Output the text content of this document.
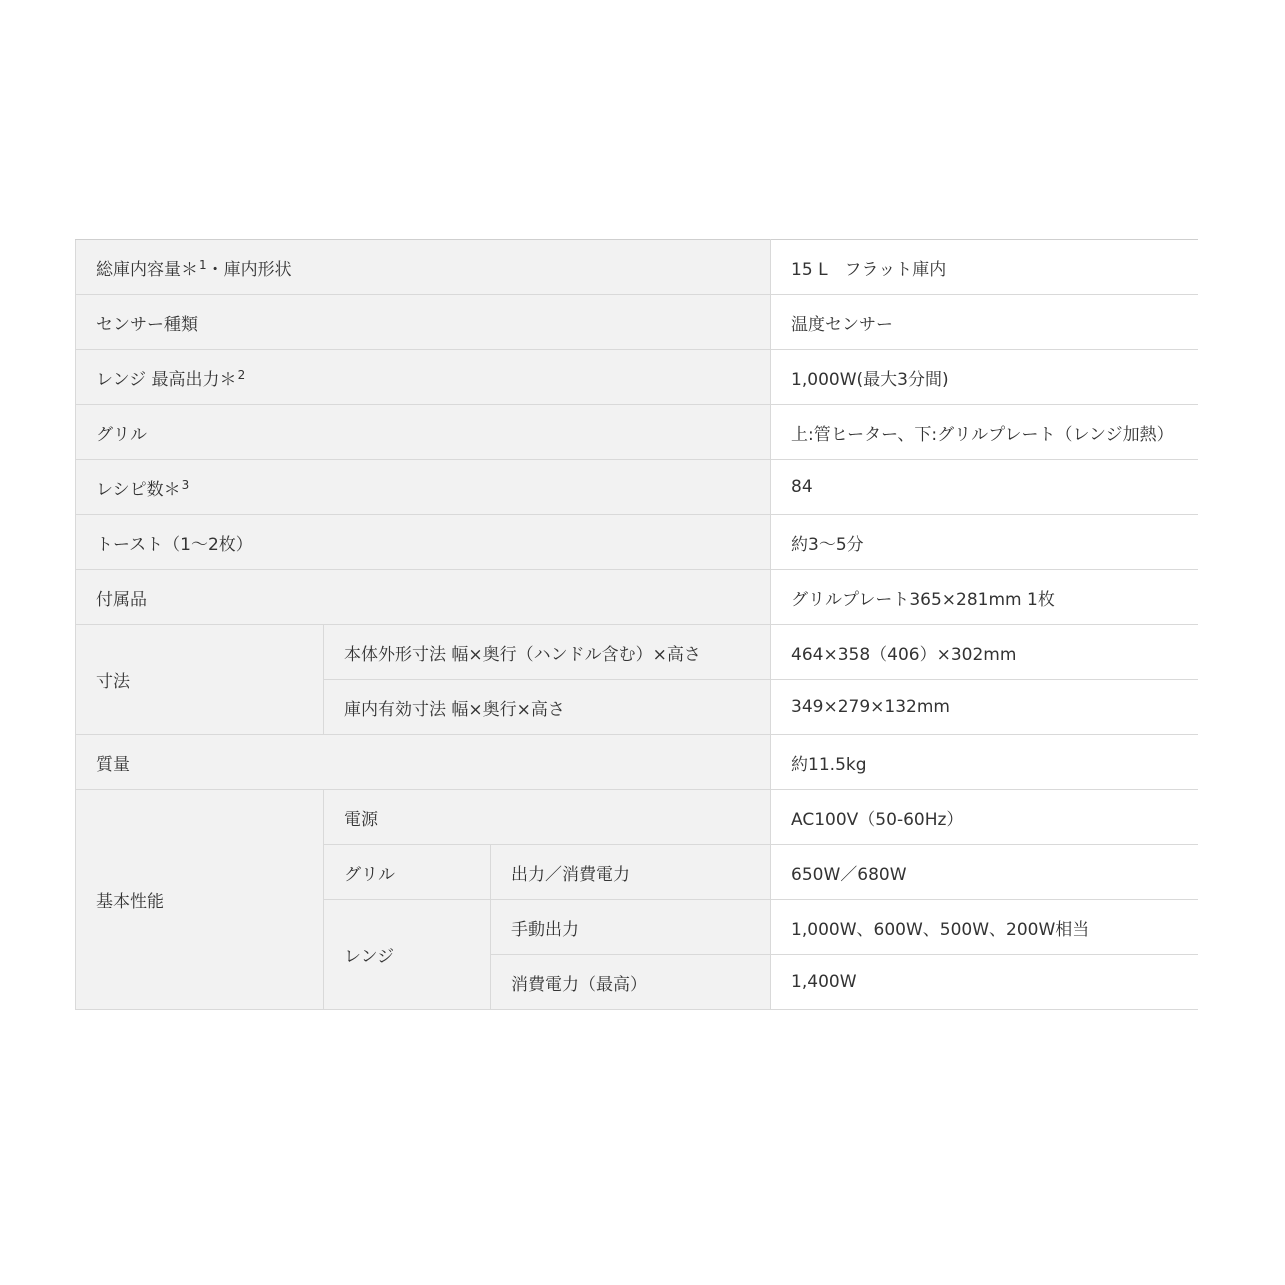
総庫内容量＊$^1$・庫内形状			15 L　フラット庫内
センサー種類			温度センサー
レンジ 最高出力＊$^2$			1,000W(最大3分間)
グリル			上:管ヒーター、下:グリルプレート（レンジ加熱）
レシピ数＊$^3$			84
トースト（1～2枚）			約3～5分
付属品			グリルプレート365×281mm 1枚
寸法	本体外形寸法 幅×奥行（ハンドル含む）×高さ		464×358（406）×302mm
	庫内有効寸法 幅×奥行×高さ		349×279×132mm
質量			約11.5kg
基本性能	電源		AC100V（50-60Hz）
	グリル	出力／消費電力	650W／680W
	レンジ	手動出力	1,000W、600W、500W、200W相当
		消費電力（最高）	1,400W
